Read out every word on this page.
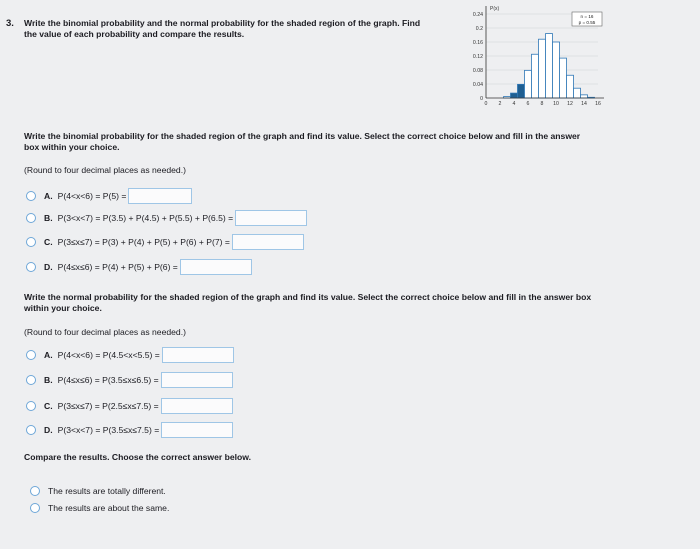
3. Write the binomial probability and the normal probability for the shaded region of the graph. Find
the value of each probability and compare the results.
0.24
0.2
0.16
0.12
0.08
0.04
0
0 2 4 6 8 10 12 14 16
P(x)
n = 16
p = 0.55
Write the binomial probability for the shaded region of the graph and find its value. Select the correct choice below and fill in the answer
box within your choice.
(Round to four decimal places as needed.)
A. P(4<x<6) = P(5) =
B. P(3<x<7) = P(3.5) + P(4.5) + P(5.5) + P(6.5) =
C. P(3≤x≤7) = P(3) + P(4) + P(5) + P(6) + P(7) =
D. P(4≤x≤6) = P(4) + P(5) + P(6) =
Write the normal probability for the shaded region of the graph and find its value. Select the correct choice below and fill in the answer box
within your choice.
(Round to four decimal places as needed.)
A. P(4<x<6) = P(4.5<x<5.5) =
B. P(4≤x≤6) = P(3.5≤x≤6.5) =
C. P(3≤x≤7) = P(2.5≤x≤7.5) =
D. P(3<x<7) = P(3.5≤x≤7.5) =
Compare the results. Choose the correct answer below.
The results are totally different.
The results are about the same.
